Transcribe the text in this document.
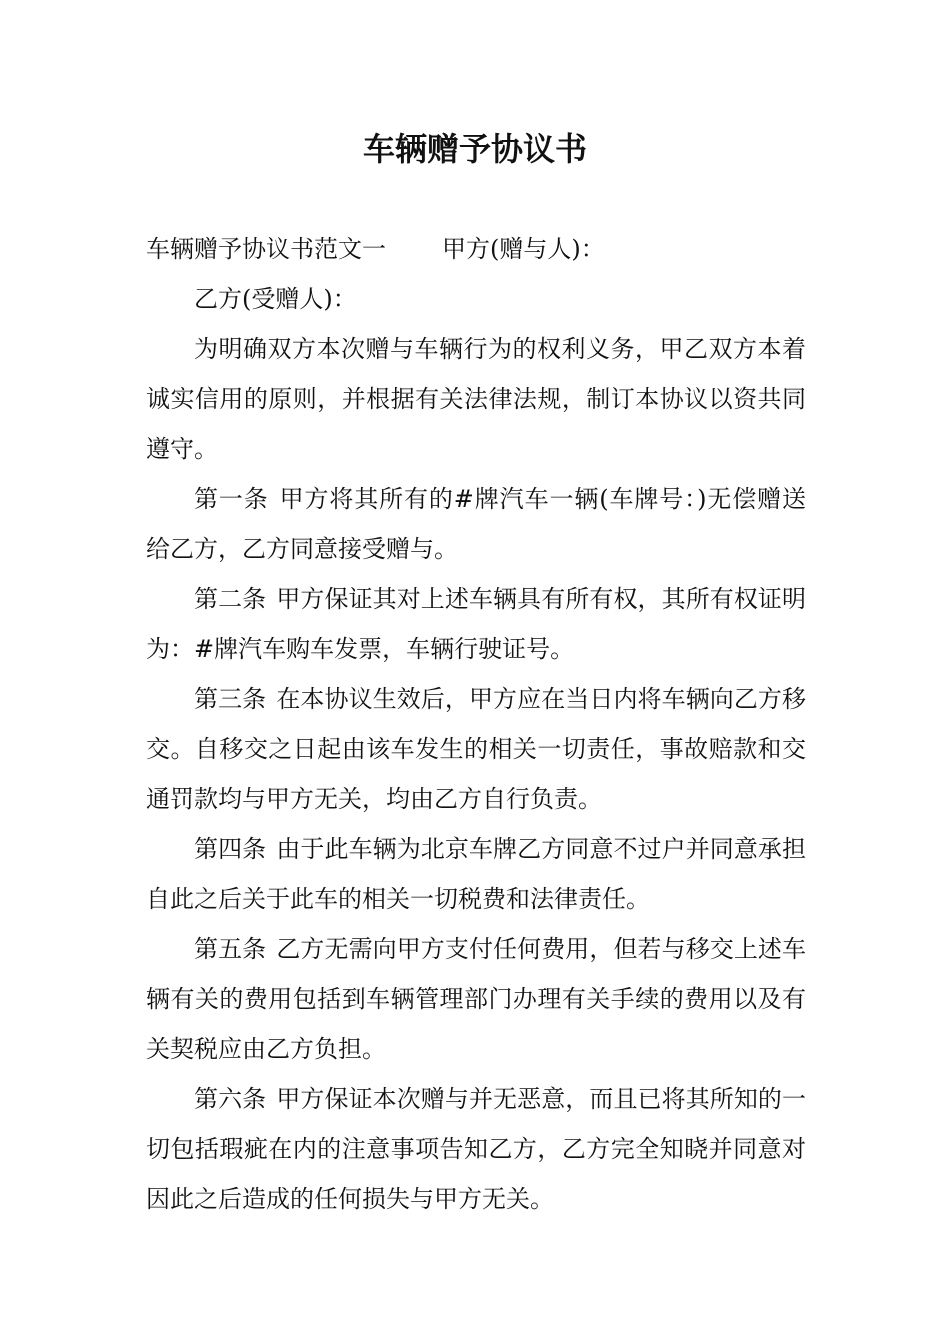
车辆赠予协议书

车辆赠予协议书范文一 甲方(赠与人)：

乙方(受赠人)：

为明确双方本次赠与车辆行为的权利义务，甲乙双方本着诚实信用的原则，并根据有关法律法规，制订本协议以资共同遵守。

第一条 甲方将其所有的#牌汽车一辆(车牌号：)无偿赠送给乙方，乙方同意接受赠与。

第二条 甲方保证其对上述车辆具有所有权，其所有权证明为：#牌汽车购车发票，车辆行驶证号。

第三条 在本协议生效后，甲方应在当日内将车辆向乙方移交。自移交之日起由该车发生的相关一切责任，事故赔款和交通罚款均与甲方无关，均由乙方自行负责。

第四条 由于此车辆为北京车牌乙方同意不过户并同意承担自此之后关于此车的相关一切税费和法律责任。

第五条 乙方无需向甲方支付任何费用，但若与移交上述车辆有关的费用包括到车辆管理部门办理有关手续的费用以及有关契税应由乙方负担。

第六条 甲方保证本次赠与并无恶意，而且已将其所知的一切包括瑕疵在内的注意事项告知乙方，乙方完全知晓并同意对因此之后造成的任何损失与甲方无关。
